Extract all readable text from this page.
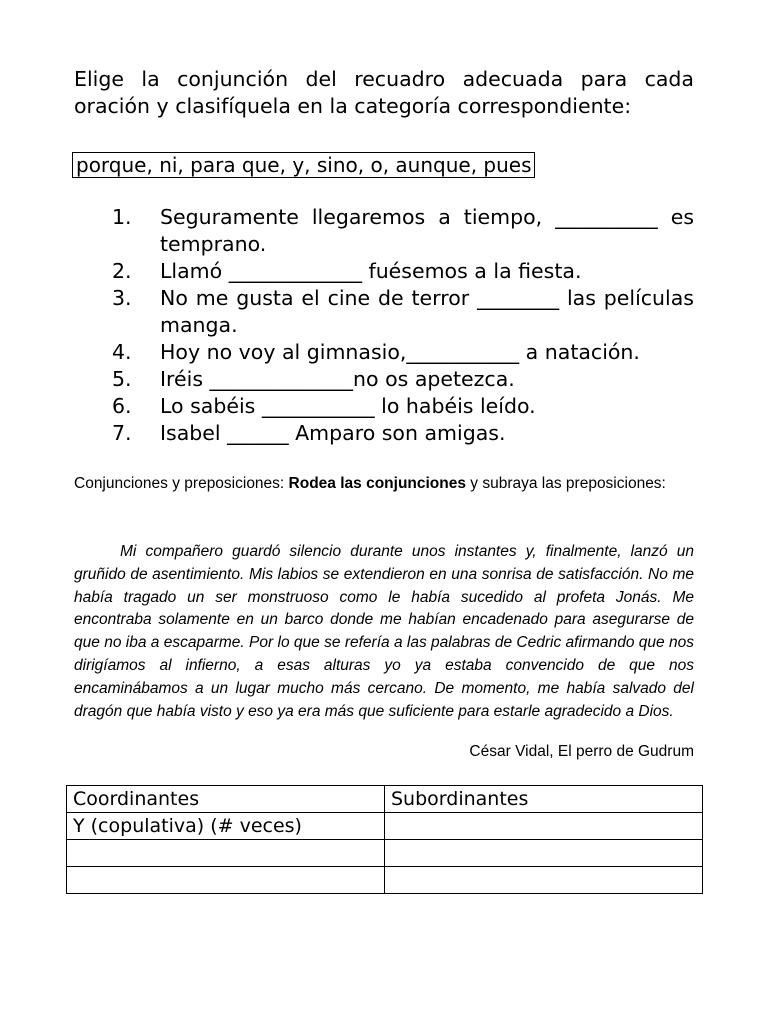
Elige la conjunción del recuadro adecuada para cada oración y clasifíquela en la categoría correspondiente:
porque, ni, para que, y, sino, o, aunque, pues
1. Seguramente llegaremos a tiempo, __________ es temprano.
2. Llamó _____________ fuésemos a la fiesta.
3. No me gusta el cine de terror ________ las películas manga.
4. Hoy no voy al gimnasio,___________ a natación.
5. Iréis ______________no os apetezca.
6. Lo sabéis ___________ lo habéis leído.
7. Isabel ______ Amparo son amigas.
Conjunciones y preposiciones: Rodea las conjunciones y subraya las preposiciones:
Mi compañero guardó silencio durante unos instantes y, finalmente, lanzó un gruñido de asentimiento. Mis labios se extendieron en una sonrisa de satisfacción. No me había tragado un ser monstruoso como le había sucedido al profeta Jonás. Me encontraba solamente en un barco donde me habían encadenado para asegurarse de que no iba a escaparme. Por lo que se refería a las palabras de Cedric afirmando que nos dirigíamos al infierno, a esas alturas yo ya estaba convencido de que nos encaminábamos a un lugar mucho más cercano. De momento, me había salvado del dragón que había visto y eso ya era más que suficiente para estarle agradecido a Dios.
César Vidal, El perro de Gudrum
Coordinantes	Subordinantes
Y (copulativa) (# veces)	
